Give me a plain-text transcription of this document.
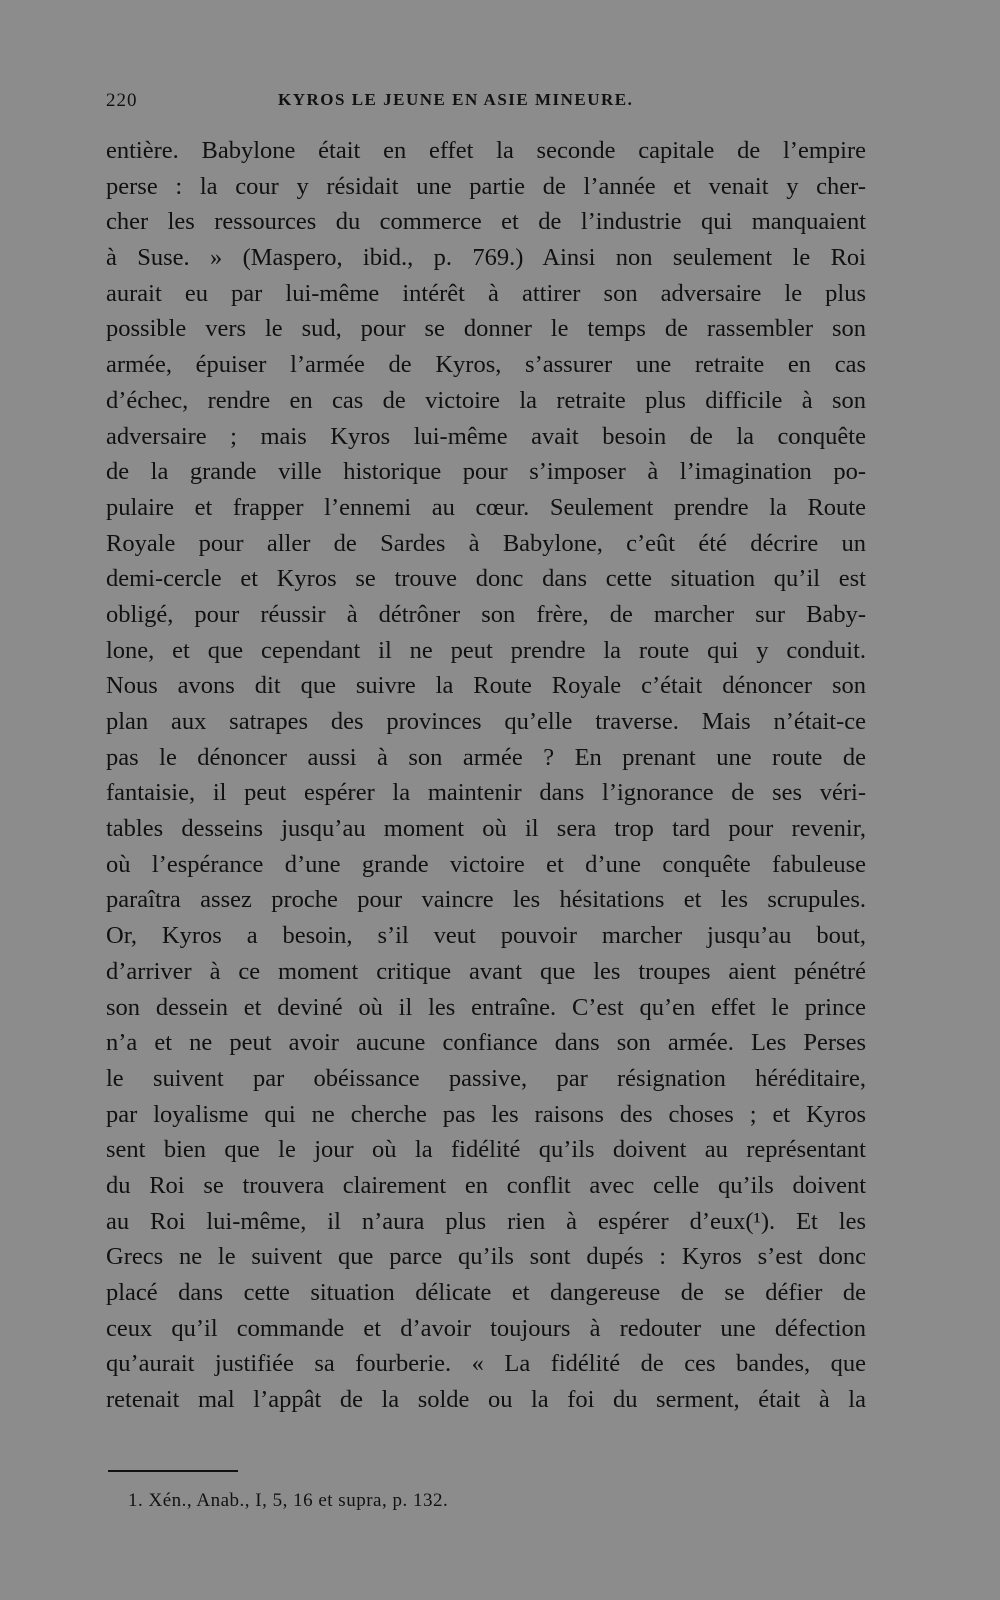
220	KYROS LE JEUNE EN ASIE MINEURE.
entière. Babylone était en effet la seconde capitale de l’empire
perse : la cour y résidait une partie de l’année et venait y cher-
cher les ressources du commerce et de l’industrie qui manquaient
à Suse. » (Maspero, ibid., p. 769.) Ainsi non seulement le Roi
aurait eu par lui-même intérêt à attirer son adversaire le plus
possible vers le sud, pour se donner le temps de rassembler son
armée, épuiser l’armée de Kyros, s’assurer une retraite en cas
d’échec, rendre en cas de victoire la retraite plus difficile à son
adversaire ; mais Kyros lui-même avait besoin de la conquête
de la grande ville historique pour s’imposer à l’imagination po-
pulaire et frapper l’ennemi au cœur. Seulement prendre la Route
Royale pour aller de Sardes à Babylone, c’eût été décrire un
demi-cercle et Kyros se trouve donc dans cette situation qu’il est
obligé, pour réussir à détrôner son frère, de marcher sur Baby-
lone, et que cependant il ne peut prendre la route qui y conduit.
Nous avons dit que suivre la Route Royale c’était dénoncer son
plan aux satrapes des provinces qu’elle traverse. Mais n’était-ce
pas le dénoncer aussi à son armée ? En prenant une route de
fantaisie, il peut espérer la maintenir dans l’ignorance de ses véri-
tables desseins jusqu’au moment où il sera trop tard pour revenir,
où l’espérance d’une grande victoire et d’une conquête fabuleuse
paraîtra assez proche pour vaincre les hésitations et les scrupules.
Or, Kyros a besoin, s’il veut pouvoir marcher jusqu’au bout,
d’arriver à ce moment critique avant que les troupes aient pénétré
son dessein et deviné où il les entraîne. C’est qu’en effet le prince
n’a et ne peut avoir aucune confiance dans son armée. Les Perses
le suivent par obéissance passive, par résignation héréditaire,
par loyalisme qui ne cherche pas les raisons des choses ; et Kyros
sent bien que le jour où la fidélité qu’ils doivent au représentant
du Roi se trouvera clairement en conflit avec celle qu’ils doivent
au Roi lui-même, il n’aura plus rien à espérer d’eux(¹). Et les
Grecs ne le suivent que parce qu’ils sont dupés : Kyros s’est donc
placé dans cette situation délicate et dangereuse de se défier de
ceux qu’il commande et d’avoir toujours à redouter une défection
qu’aurait justifiée sa fourberie. « La fidélité de ces bandes, que
retenait mal l’appât de la solde ou la foi du serment, était à la
1. Xén., Anab., I, 5, 16 et supra, p. 132.
